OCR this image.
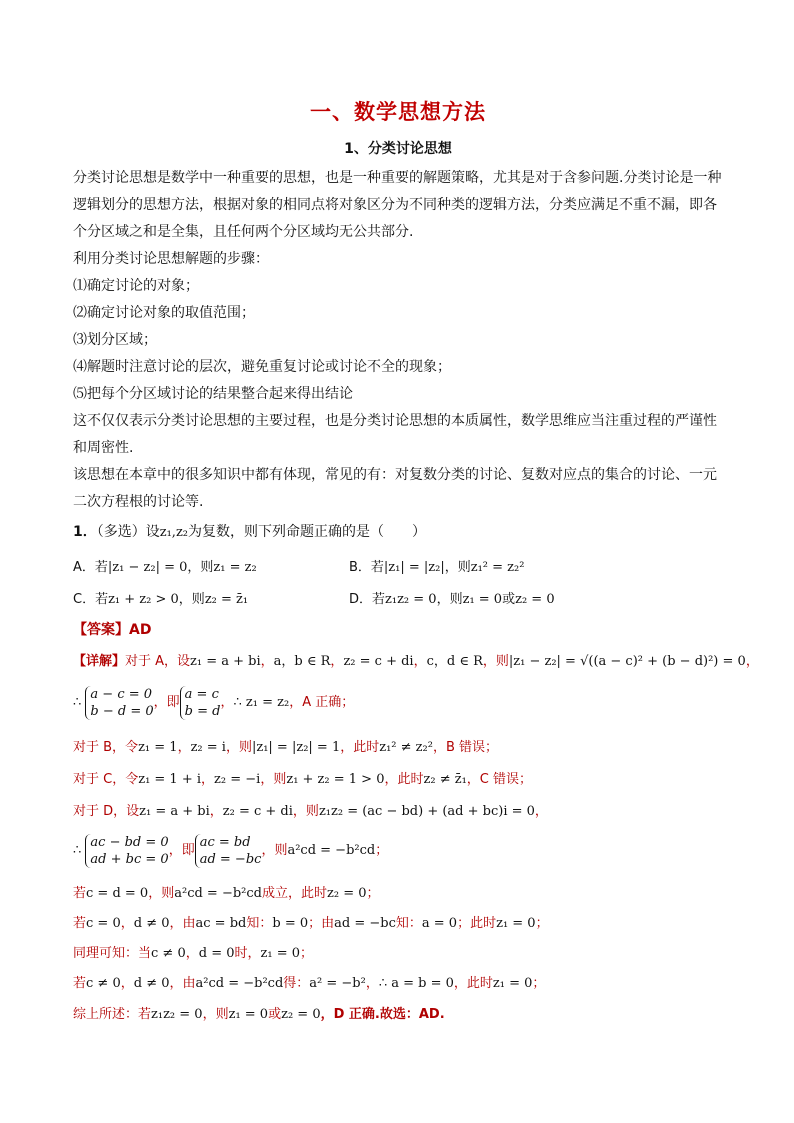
一、数学思想方法
1、分类讨论思想
分类讨论思想是数学中一种重要的思想，也是一种重要的解题策略，尤其是对于含参问题.分类讨论是一种
逻辑划分的思想方法，根据对象的相同点将对象区分为不同种类的逻辑方法，分类应满足不重不漏，即各
个分区域之和是全集，且任何两个分区域均无公共部分.
利用分类讨论思想解题的步骤：
⑴确定讨论的对象；
⑵确定讨论对象的取值范围；
⑶划分区域；
⑷解题时注意讨论的层次，避免重复讨论或讨论不全的现象；
⑸把每个分区域讨论的结果整合起来得出结论
这不仅仅表示分类讨论思想的主要过程，也是分类讨论思想的本质属性，数学思维应当注重过程的严谨性
和周密性.
该思想在本章中的很多知识中都有体现，常见的有：对复数分类的讨论、复数对应点的集合的讨论、一元
二次方程根的讨论等.
1．（多选）设z₁,z₂为复数，则下列命题正确的是（　　）
A．若|z₁ − z₂| = 0，则z₁ = z₂	B．若|z₁| = |z₂|，则z₁² = z₂²
C．若z₁ + z₂ > 0，则z₂ = z̄₁	D．若z₁z₂ = 0，则z₁ = 0或z₂ = 0
【答案】AD
【详解】对于 A，设z₁ = a + bi，a，b ∈ R，z₂ = c + di，c，d ∈ R，则|z₁ − z₂| = √((a − c)² + (b − d)²) = 0，
∴ a − c = 0
b − d = 0，即a = c
b = d，∴ z₁ = z₂，A 正确；
对于 B，令z₁ = 1，z₂ = i，则|z₁| = |z₂| = 1，此时z₁² ≠ z₂²，B 错误；
对于 C，令z₁ = 1 + i，z₂ = −i，则z₁ + z₂ = 1 > 0，此时z₂ ≠ z̄₁，C 错误；
对于 D，设z₁ = a + bi，z₂ = c + di，则z₁z₂ = (ac − bd) + (ad + bc)i = 0，
∴ ac − bd = 0
ad + bc = 0，即ac = bd
ad = −bc，则a²cd = −b²cd；
若c = d = 0，则a²cd = −b²cd成立，此时z₂ = 0；
若c = 0，d ≠ 0，由ac = bd知：b = 0；由ad = −bc知：a = 0；此时z₁ = 0；
同理可知：当c ≠ 0，d = 0时，z₁ = 0；
若c ≠ 0，d ≠ 0，由a²cd = −b²cd得：a² = −b²，∴ a = b = 0，此时z₁ = 0；
综上所述：若z₁z₂ = 0，则z₁ = 0或z₂ = 0，D 正确.故选：AD.
